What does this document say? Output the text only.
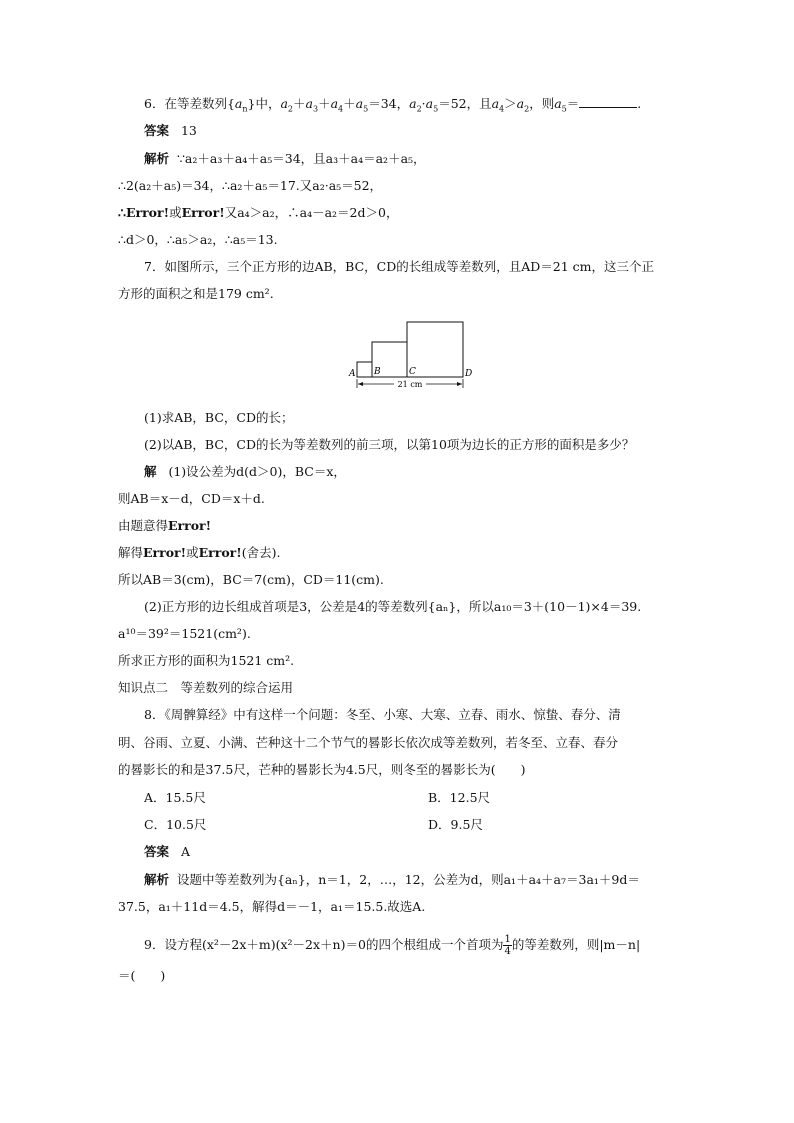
6．在等差数列$\{a_n\}$中，$a_2+a_3+a_4+a_5=34$，$a_2\cdot a_5=52$，且$a_4>a_2$，则$a_5=$	.
答案 13
解析 ∵a₂＋a₃＋a₄＋a₅＝34，且a₃＋a₄＝a₂＋a₅，
∴2(a₂＋a₅)＝34，∴a₂＋a₅＝17.又a₂·a₅＝52，
∴Error!或Error!又a₄＞a₂，∴a₄－a₂＝2d＞0，
∴d＞0，∴a₅＞a₂，∴a₅＝13.
7．如图所示，三个正方形的边AB，BC，CD的长组成等差数列，且AD＝21 cm，这三个正
方形的面积之和是179 cm².
A B	C	D
21 cm
(1)求AB，BC，CD的长；
(2)以AB，BC，CD的长为等差数列的前三项，以第10项为边长的正方形的面积是多少？
解 (1)设公差为d(d＞0)，BC＝x，
则AB＝x－d，CD＝x＋d.
由题意得Error!
解得Error!或Error!(舍去).
所以AB＝3(cm)，BC＝7(cm)，CD＝11(cm).
(2)正方形的边长组成首项是3，公差是4的等差数列{aₙ}，所以a₁₀＝3＋(10－1)×4＝39.
a¹⁰＝39²＝1521(cm²).
所求正方形的面积为1521 cm².
知识点二　等差数列的综合运用
8．《周髀算经》中有这样一个问题：冬至、小寒、大寒、立春、雨水、惊蛰、春分、清
明、谷雨、立夏、小满、芒种这十二个节气的晷影长依次成等差数列，若冬至、立春、春分
的晷影长的和是37.5尺，芒种的晷影长为4.5尺，则冬至的晷影长为(　　)
A．15.5尺	B．12.5尺
C．10.5尺	D．9.5尺
答案 A
解析 设题中等差数列为{aₙ}，n＝1，2，…，12，公差为d，则a₁＋a₄＋a₇＝3a₁＋9d＝
37.5，a₁＋11d＝4.5，解得d＝－1，a₁＝15.5.故选A.
9．设方程(x²－2x＋m)(x²－2x＋n)＝0的四个根组成一个首项为 $\frac{1}{4}$ 的等差数列，则|m－n|
＝(　　)
